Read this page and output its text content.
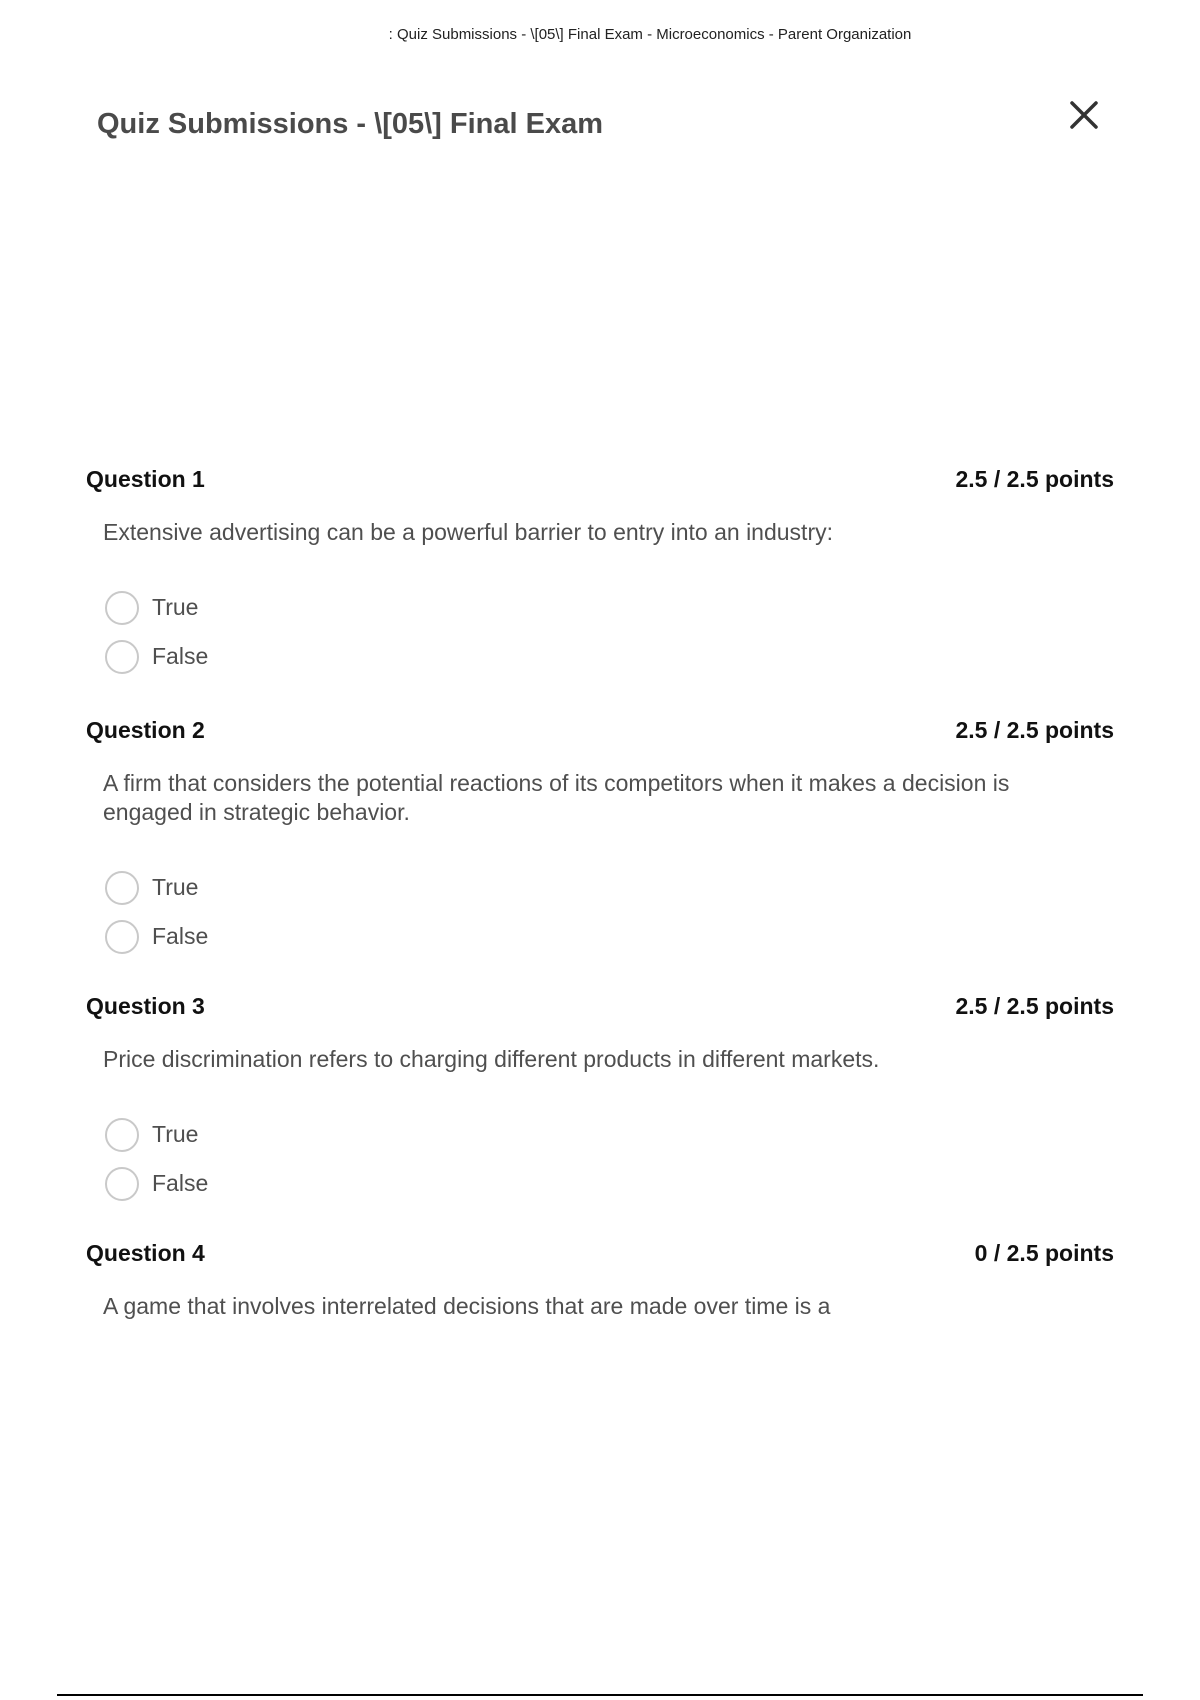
: Quiz Submissions - \[05\] Final Exam - Microeconomics - Parent Organization
Quiz Submissions - \[05\] Final Exam
Question 1	2.5 / 2.5 points
Extensive advertising can be a powerful barrier to entry into an industry:
True
False
Question 2	2.5 / 2.5 points
A firm that considers the potential reactions of its competitors when it makes a decision is engaged in strategic behavior.
True
False
Question 3	2.5 / 2.5 points
Price discrimination refers to charging different products in different markets.
True
False
Question 4	0 / 2.5 points
A game that involves interrelated decisions that are made over time is a
